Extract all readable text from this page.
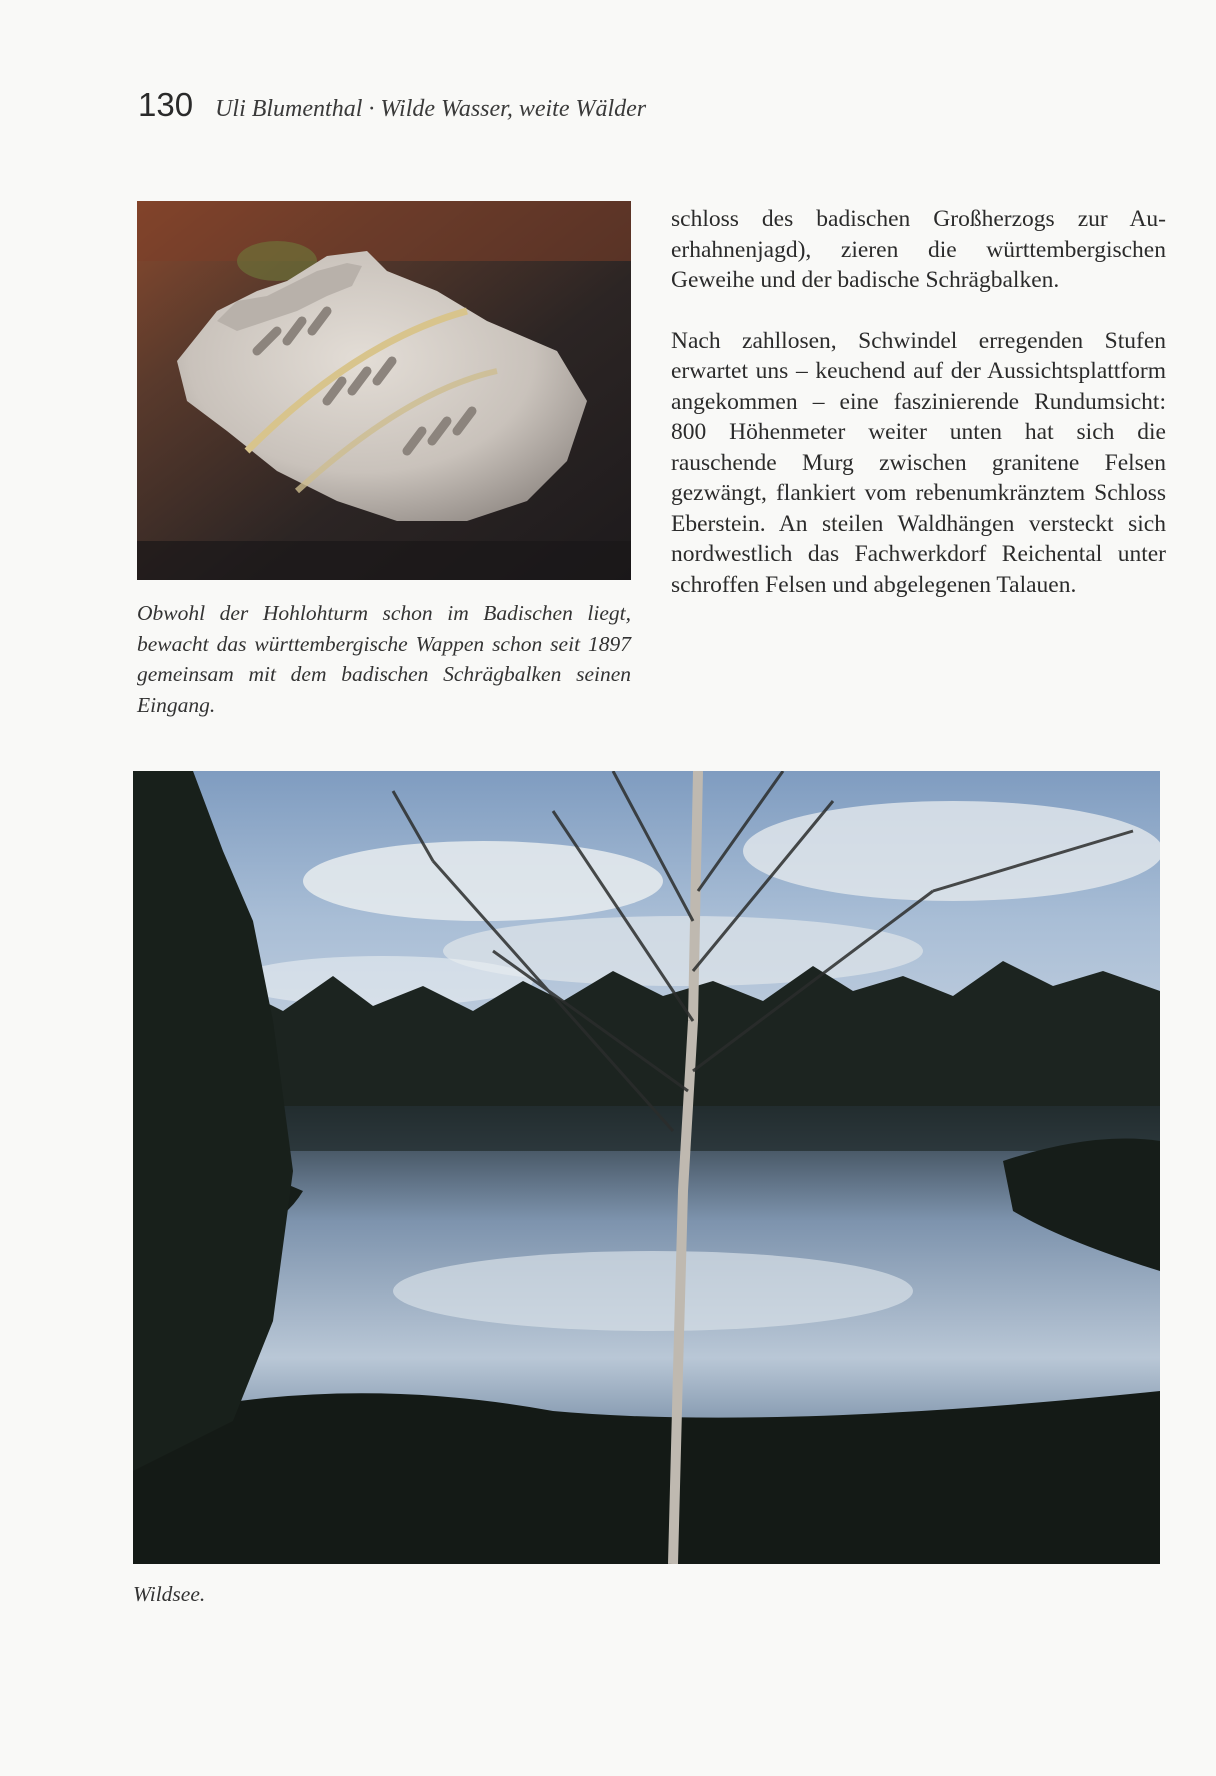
130 Uli Blumenthal · Wilde Wasser, weite Wälder

Obwohl der Hohlohturm schon im Badischen liegt, bewacht das württembergische Wappen schon seit 1897 gemeinsam mit dem badischen Schrägbalken seinen Eingang.

schloss des badischen Großherzogs zur Auerhahnenjagd), zieren die württembergischen Geweihe und der badische Schrägbalken.

Nach zahllosen, Schwindel erregenden Stufen erwartet uns – keuchend auf der Aussichtsplattform angekommen – eine faszinierende Rundumsicht: 800 Höhenmeter weiter unten hat sich die rauschende Murg zwischen granitene Felsen gezwängt, flankiert vom rebenumkränztem Schloss Eberstein. An steilen Waldhängen versteckt sich nordwestlich das Fachwerkdorf Reichental unter schroffen Felsen und abgelegenen Talauen.

Wildsee.
